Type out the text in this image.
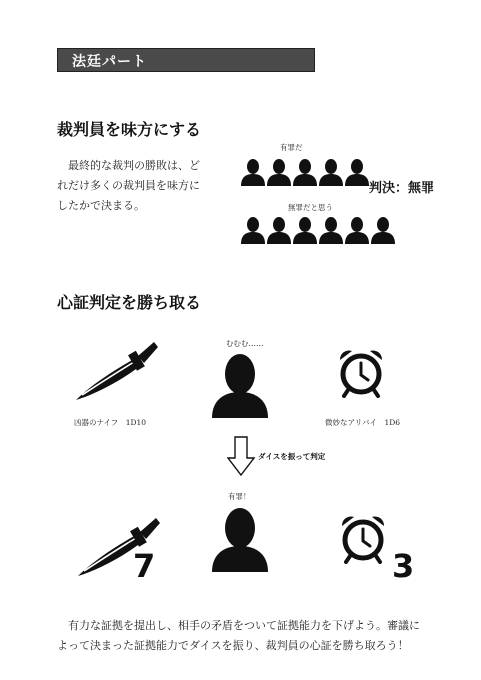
法廷パート
裁判員を味方にする
最終的な裁判の勝敗は、どれだけ多くの裁判員を味方にしたかで決まる。
有罪だ
判決：無罪
無罪だと思う
心証判定を勝ち取る
むむむ……
凶器のナイフ　1D10	微妙なアリバイ　1D6
ダイスを振って判定
有罪！
7	3
有力な証拠を提出し、相手の矛盾をついて証拠能力を下げよう。審議によって決まった証拠能力でダイスを振り、裁判員の心証を勝ち取ろう！
